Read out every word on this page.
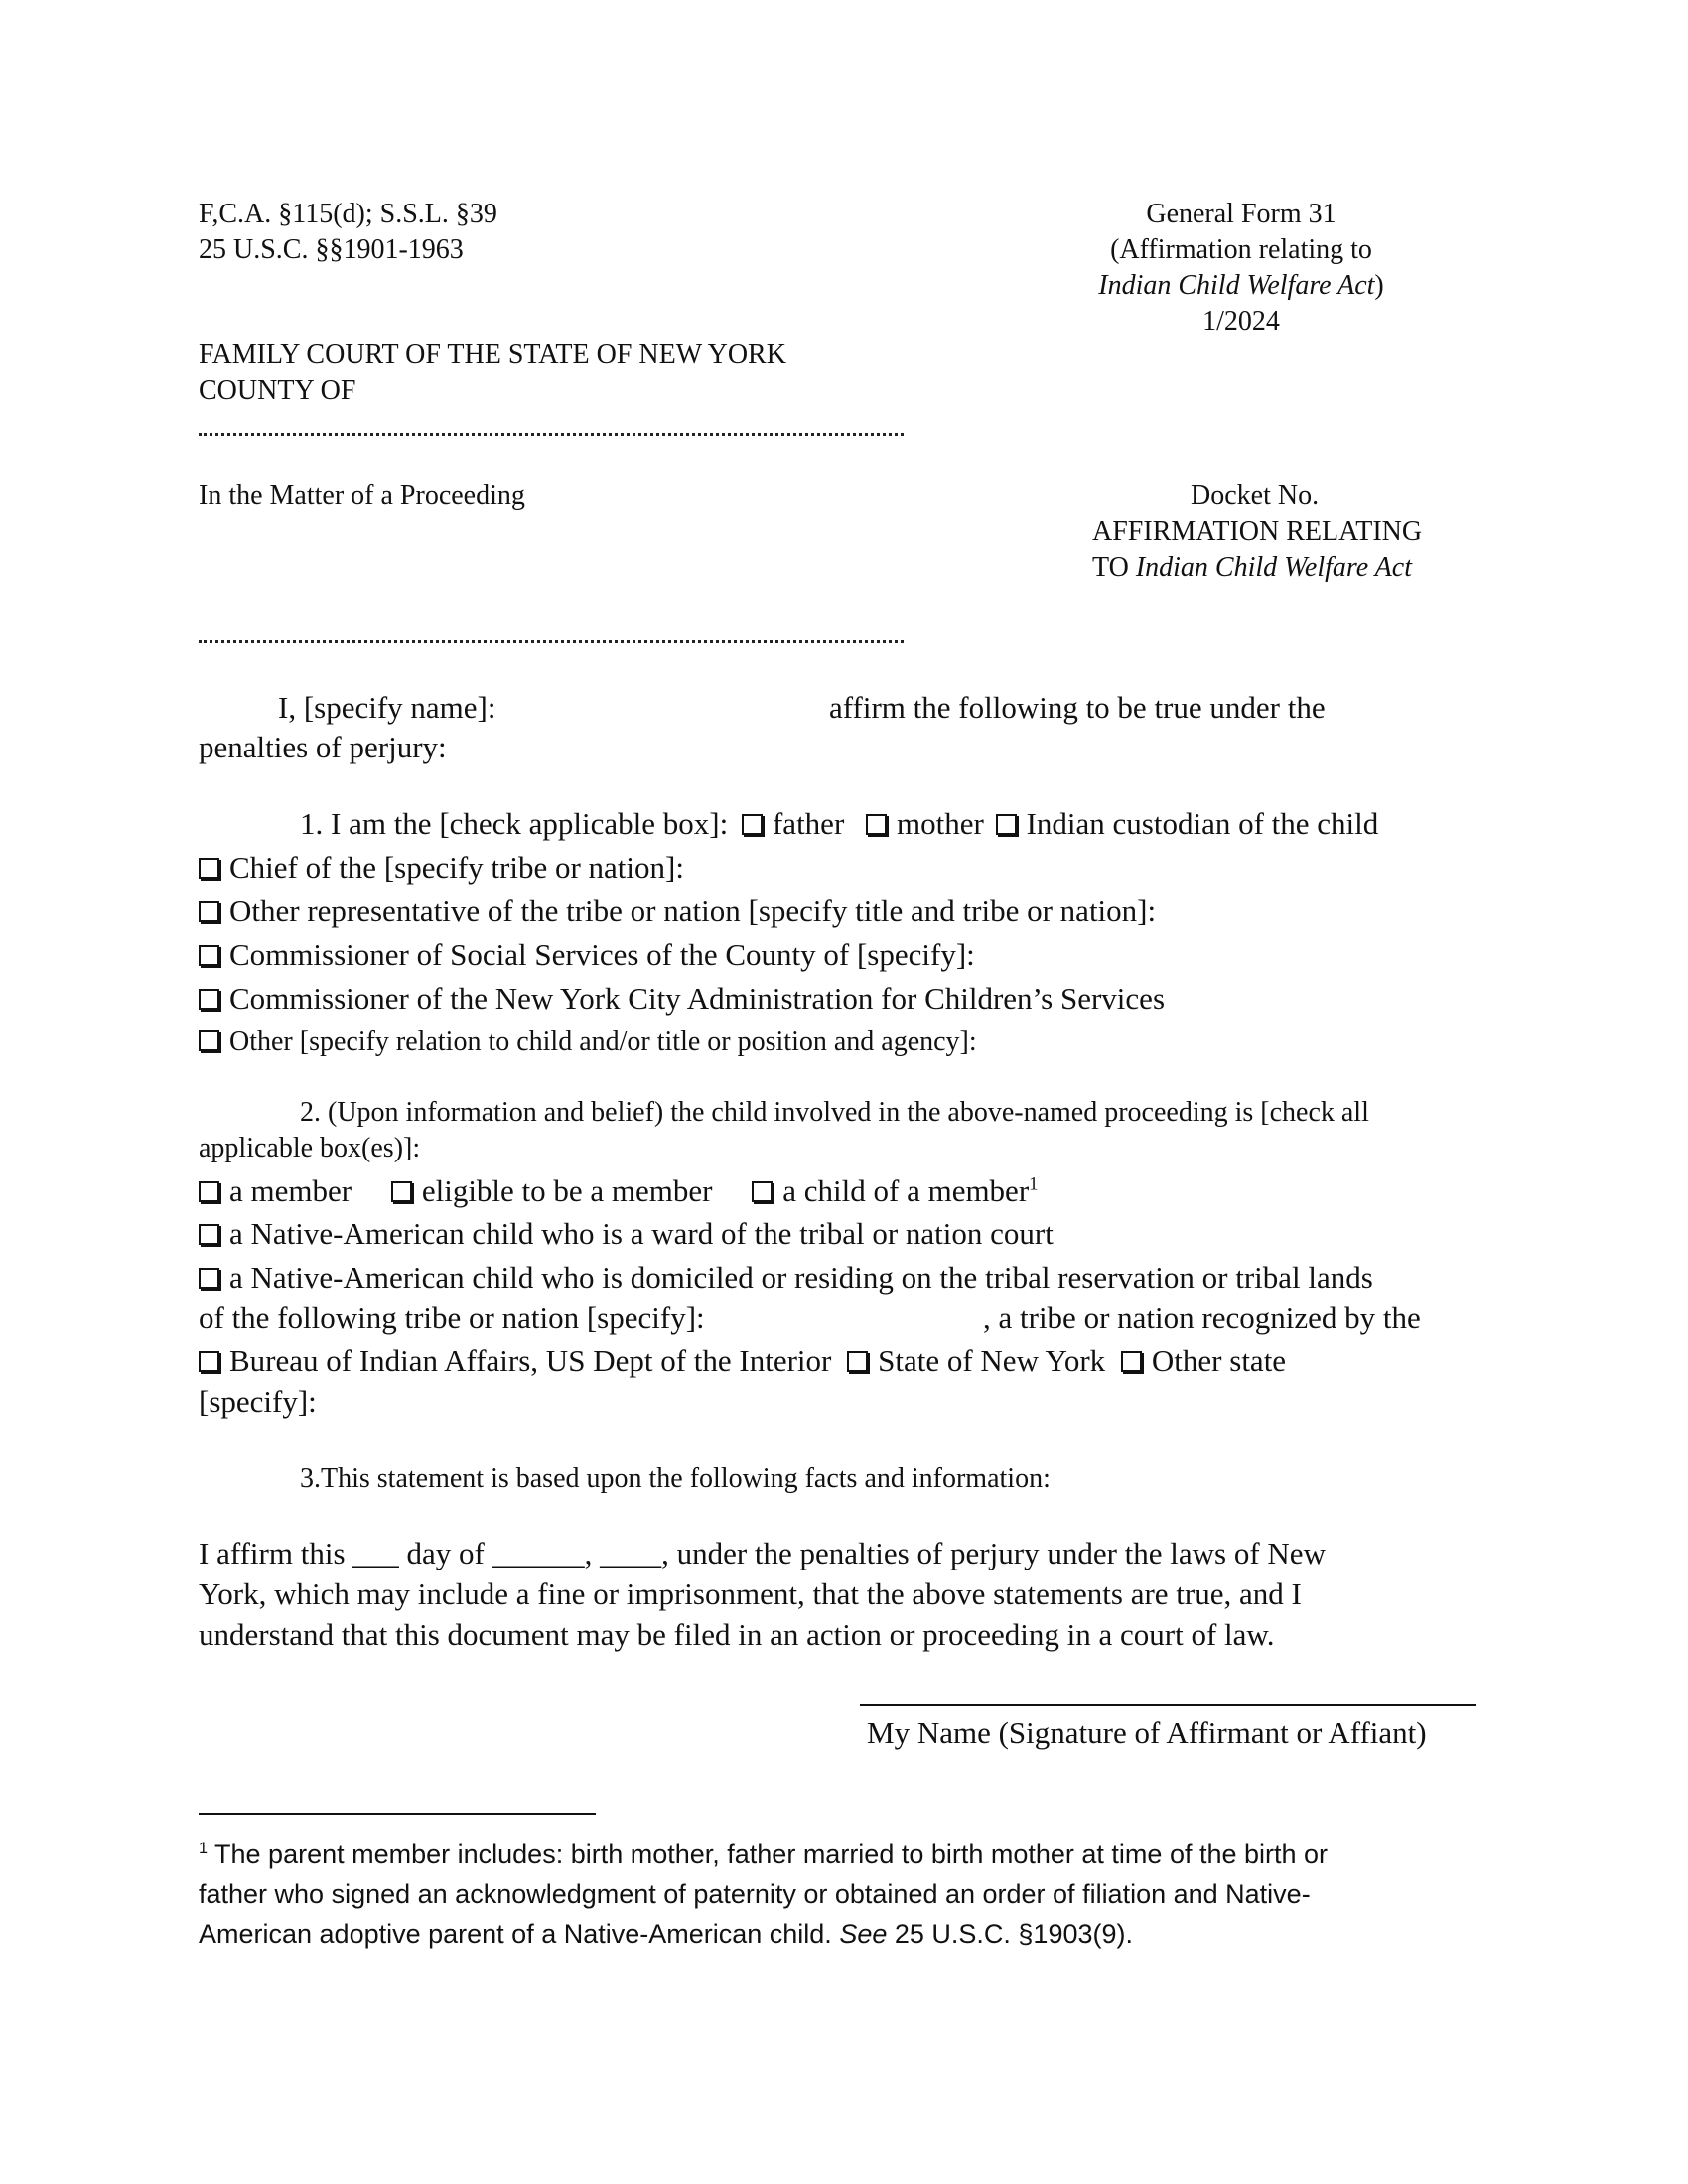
F,C.A. §115(d); S.S.L. §39
25 U.S.C. §§1901-1963
General Form 31
(Affirmation relating to
Indian Child Welfare Act)
1/2024
FAMILY COURT OF THE STATE OF NEW YORK
COUNTY OF
In the Matter of a Proceeding	Docket No.
AFFIRMATION RELATING
TO Indian Child Welfare Act
I, [specify name]:	affirm the following to be true under the
penalties of perjury:
1. I am the [check applicable box]: father mother Indian custodian of the child
Chief of the [specify tribe or nation]:
Other representative of the tribe or nation [specify title and tribe or nation]:
Commissioner of Social Services of the County of [specify]:
Commissioner of the New York City Administration for Children’s Services
Other [specify relation to child and/or title or position and agency]:
2. (Upon information and belief) the child involved in the above-named proceeding is [check all
applicable box(es)]:
a member eligible to be a member a child of a member$^1$
a Native-American child who is a ward of the tribal or nation court
a Native-American child who is domiciled or residing on the tribal reservation or tribal lands
of the following tribe or nation [specify]:	, a tribe or nation recognized by the
Bureau of Indian Affairs, US Dept of the Interior State of New York Other state
[specify]:
3.This statement is based upon the following facts and information:
I affirm this ___ day of ______, ____, under the penalties of perjury under the laws of New
York, which may include a fine or imprisonment, that the above statements are true, and I
understand that this document may be filed in an action or proceeding in a court of law.
My Name (Signature of Affirmant or Affiant)
$^1$ The parent member includes: birth mother, father married to birth mother at time of the birth or
father who signed an acknowledgment of paternity or obtained an order of filiation and Native-
American adoptive parent of a Native-American child. See 25 U.S.C. §1903(9).
